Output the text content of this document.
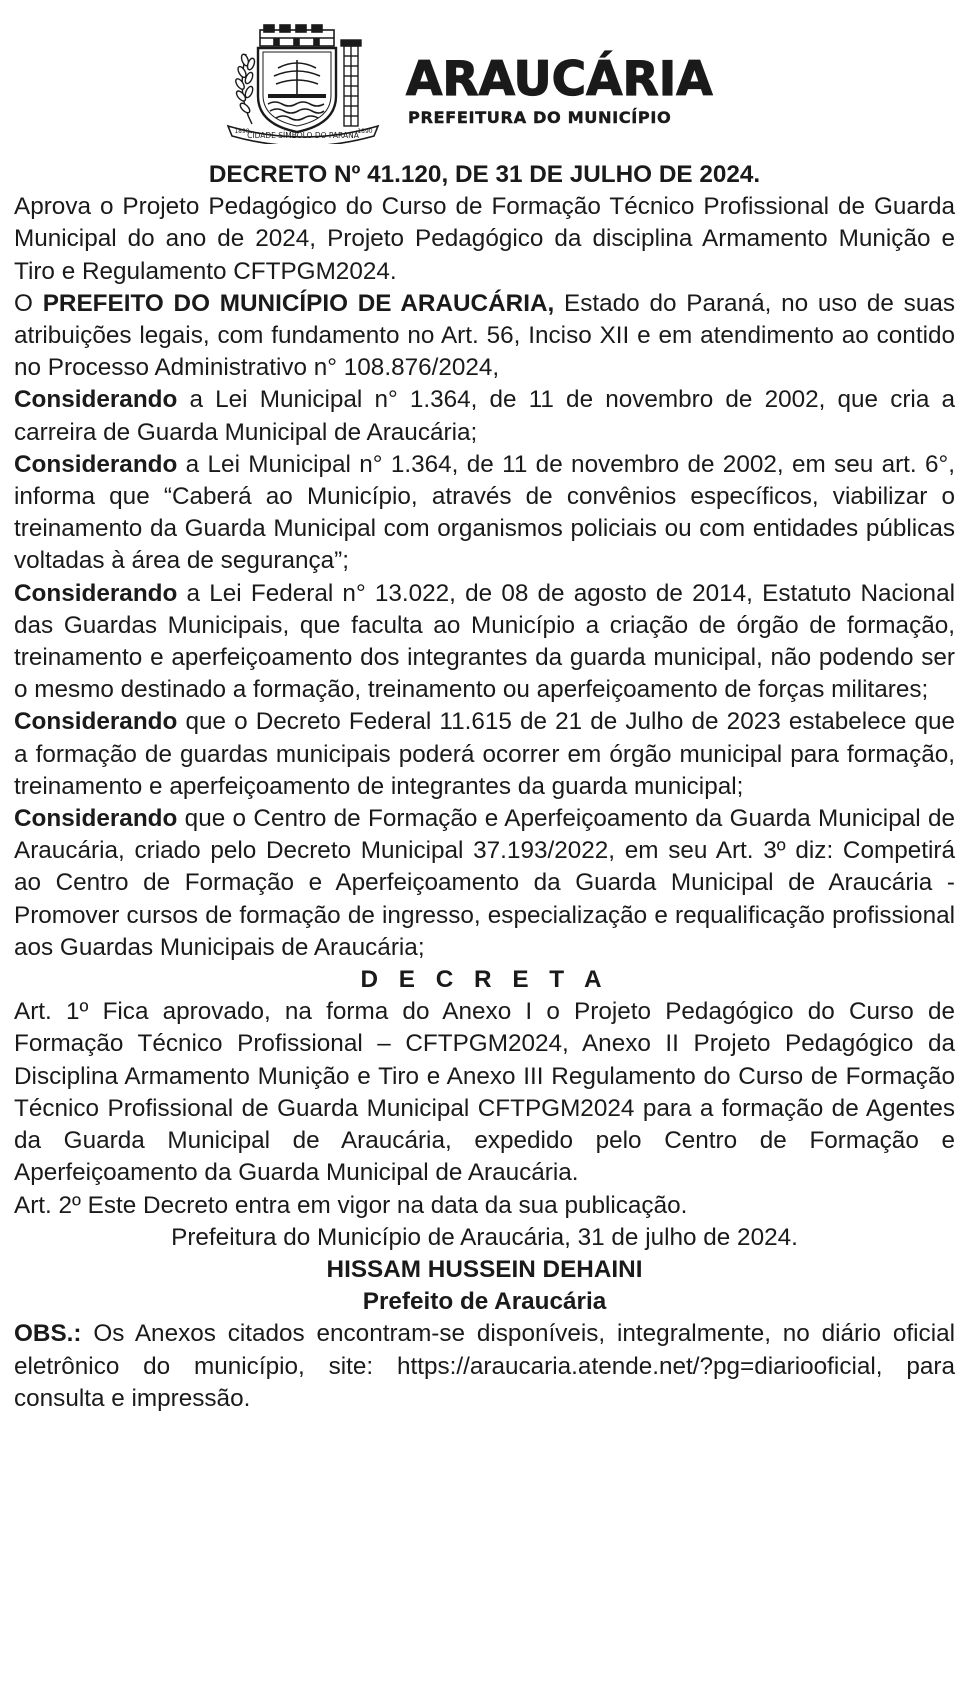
CIDADE SÍMBOLO DO PARANÁ
1890	1890
ARAUCÁRIA
PREFEITURA DO MUNICÍPIO

DECRETO Nº 41.120, DE 31 DE JULHO DE 2024.

Aprova o Projeto Pedagógico do Curso de Formação Técnico Profissional de Guarda Municipal do ano de 2024, Projeto Pedagógico da disciplina Armamento Munição e Tiro e Regulamento CFTPGM2024.

O PREFEITO DO MUNICÍPIO DE ARAUCÁRIA, Estado do Paraná, no uso de suas atribuições legais, com fundamento no Art. 56, Inciso XII e em atendimento ao contido no Processo Administrativo n° 108.876/2024,

Considerando a Lei Municipal n° 1.364, de 11 de novembro de 2002, que cria a carreira de Guarda Municipal de Araucária;

Considerando a Lei Municipal n° 1.364, de 11 de novembro de 2002, em seu art. 6°, informa que “Caberá ao Município, através de convênios específicos, viabilizar o treinamento da Guarda Municipal com organismos policiais ou com entidades públicas voltadas à área de segurança”;

Considerando a Lei Federal n° 13.022, de 08 de agosto de 2014, Estatuto Nacional das Guardas Municipais, que faculta ao Município a criação de órgão de formação, treinamento e aperfeiçoamento dos integrantes da guarda municipal, não podendo ser o mesmo destinado a formação, treinamento ou aperfeiçoamento de forças militares;

Considerando que o Decreto Federal 11.615 de 21 de Julho de 2023 estabelece que a formação de guardas municipais poderá ocorrer em órgão municipal para formação, treinamento e aperfeiçoamento de integrantes da guarda municipal;

Considerando que o Centro de Formação e Aperfeiçoamento da Guarda Municipal de Araucária, criado pelo Decreto Municipal 37.193/2022, em seu Art. 3º diz: Competirá ao Centro de Formação e Aperfeiçoamento da Guarda Municipal de Araucária - Promover cursos de formação de ingresso, especialização e requalificação profissional aos Guardas Municipais de Araucária;

D E C R E T A

Art. 1º Fica aprovado, na forma do Anexo I o Projeto Pedagógico do Curso de Formação Técnico Profissional – CFTPGM2024, Anexo II Projeto Pedagógico da Disciplina Armamento Munição e Tiro e Anexo III Regulamento do Curso de Formação Técnico Profissional de Guarda Municipal CFTPGM2024 para a formação de Agentes da Guarda Municipal de Araucária, expedido pelo Centro de Formação e Aperfeiçoamento da Guarda Municipal de Araucária.

Art. 2º Este Decreto entra em vigor na data da sua publicação.

Prefeitura do Município de Araucária, 31 de julho de 2024.

HISSAM HUSSEIN DEHAINI

Prefeito de Araucária

OBS.: Os Anexos citados encontram-se disponíveis, integralmente, no diário oficial eletrônico do município, site: https://araucaria.atende.net/?pg=diariooficial, para consulta e impressão.
